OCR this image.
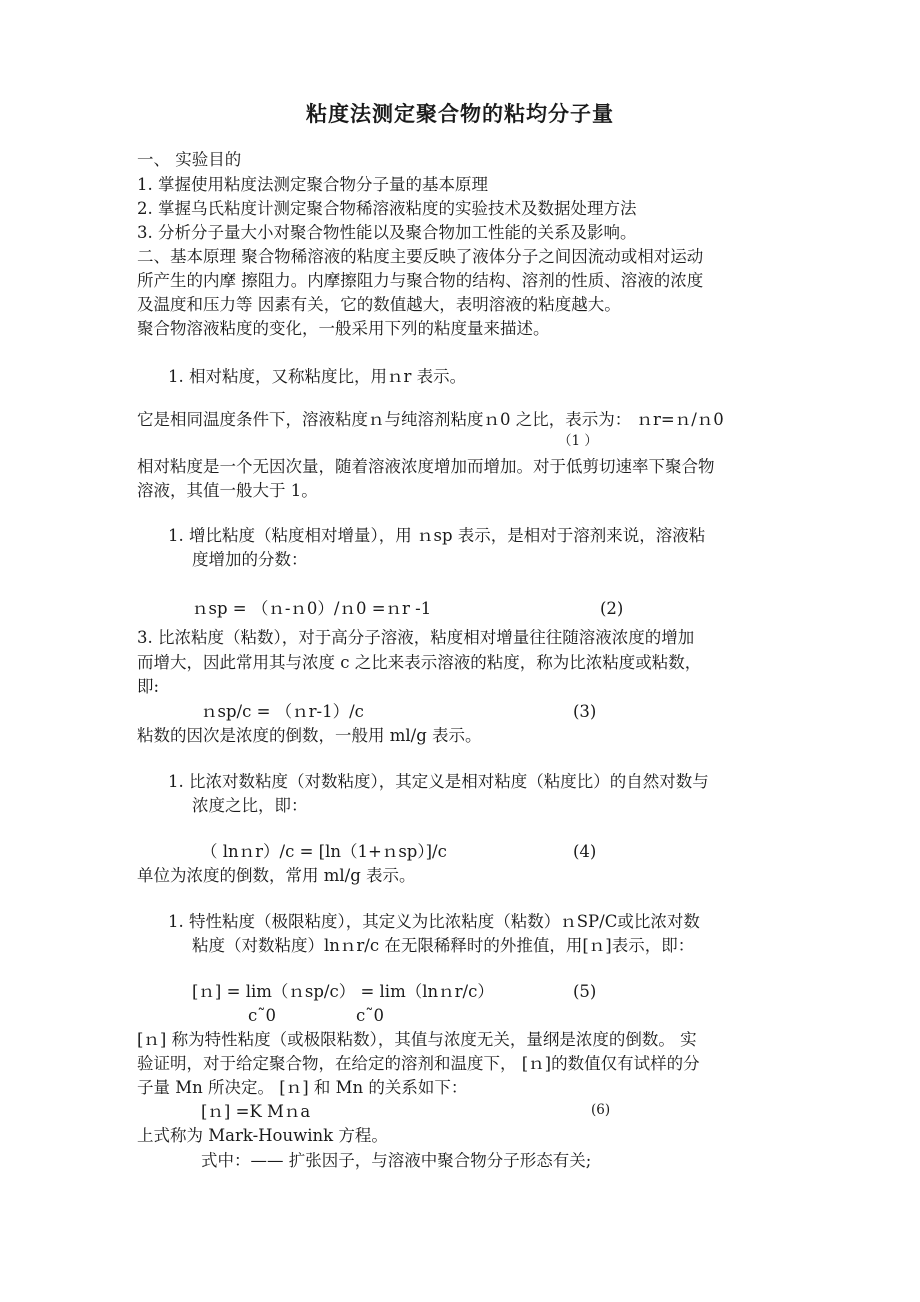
粘度法测定聚合物的粘均分子量
一、 实验目的
1. 掌握使用粘度法测定聚合物分子量的基本原理
2. 掌握乌氏粘度计测定聚合物稀溶液粘度的实验技术及数据处理方法
3. 分析分子量大小对聚合物性能以及聚合物加工性能的关系及影响。
二、基本原理 聚合物稀溶液的粘度主要反映了液体分子之间因流动或相对运动
所产生的内摩 擦阻力。内摩擦阻力与聚合物的结构、溶剂的性质、溶液的浓度
及温度和压力等 因素有关，它的数值越大，表明溶液的粘度越大。
聚合物溶液粘度的变化，一般采用下列的粘度量来描述。
1. 相对粘度，又称粘度比，用ｎr 表示。
它是相同温度条件下，溶液粘度ｎ与纯溶剂粘度ｎ0 之比，表示为： ｎr=ｎ/ｎ0
（1 ）
相对粘度是一个无因次量，随着溶液浓度增加而增加。对于低剪切速率下聚合物
溶液，其值一般大于 1。
1. 增比粘度（粘度相对增量），用 ｎsp 表示，是相对于溶剂来说，溶液粘
度增加的分数：
ｎsp = （ｎ-ｎ0）/ｎ0 =ｎr -1	(2)
3. 比浓粘度（粘数），对于高分子溶液，粘度相对增量往往随溶液浓度的增加
而增大，因此常用其与浓度 c 之比来表示溶液的粘度，称为比浓粘度或粘数，
即:
ｎsp/c = （ｎr-1）/c	(3)
粘数的因次是浓度的倒数，一般用 ml/g 表示。
1. 比浓对数粘度（对数粘度），其定义是相对粘度（粘度比）的自然对数与
浓度之比，即：
（ lnｎr）/c = [ln（1+ｎsp）]/c	(4)
单位为浓度的倒数，常用 ml/g 表示。
1. 特性粘度（极限粘度），其定义为比浓粘度（粘数）ｎSP/C或比浓对数
粘度（对数粘度）lnｎr/c 在无限稀释时的外推值，用[ｎ]表示，即：
[ｎ] = lim（ｎsp/c） = lim（lnｎr/c）	(5)
c˜0	c˜0
[ｎ] 称为特性粘度（或极限粘数），其值与浓度无关，量纲是浓度的倒数。 实
验证明，对于给定聚合物，在给定的溶剂和温度下， [ｎ]的数值仅有试样的分
子量 Mn 所决定。 [ｎ] 和 Mn 的关系如下：
[ｎ] =K Mｎa	(6)
上式称为 Mark-Houwink 方程。
式中：—— 扩张因子，与溶液中聚合物分子形态有关;
